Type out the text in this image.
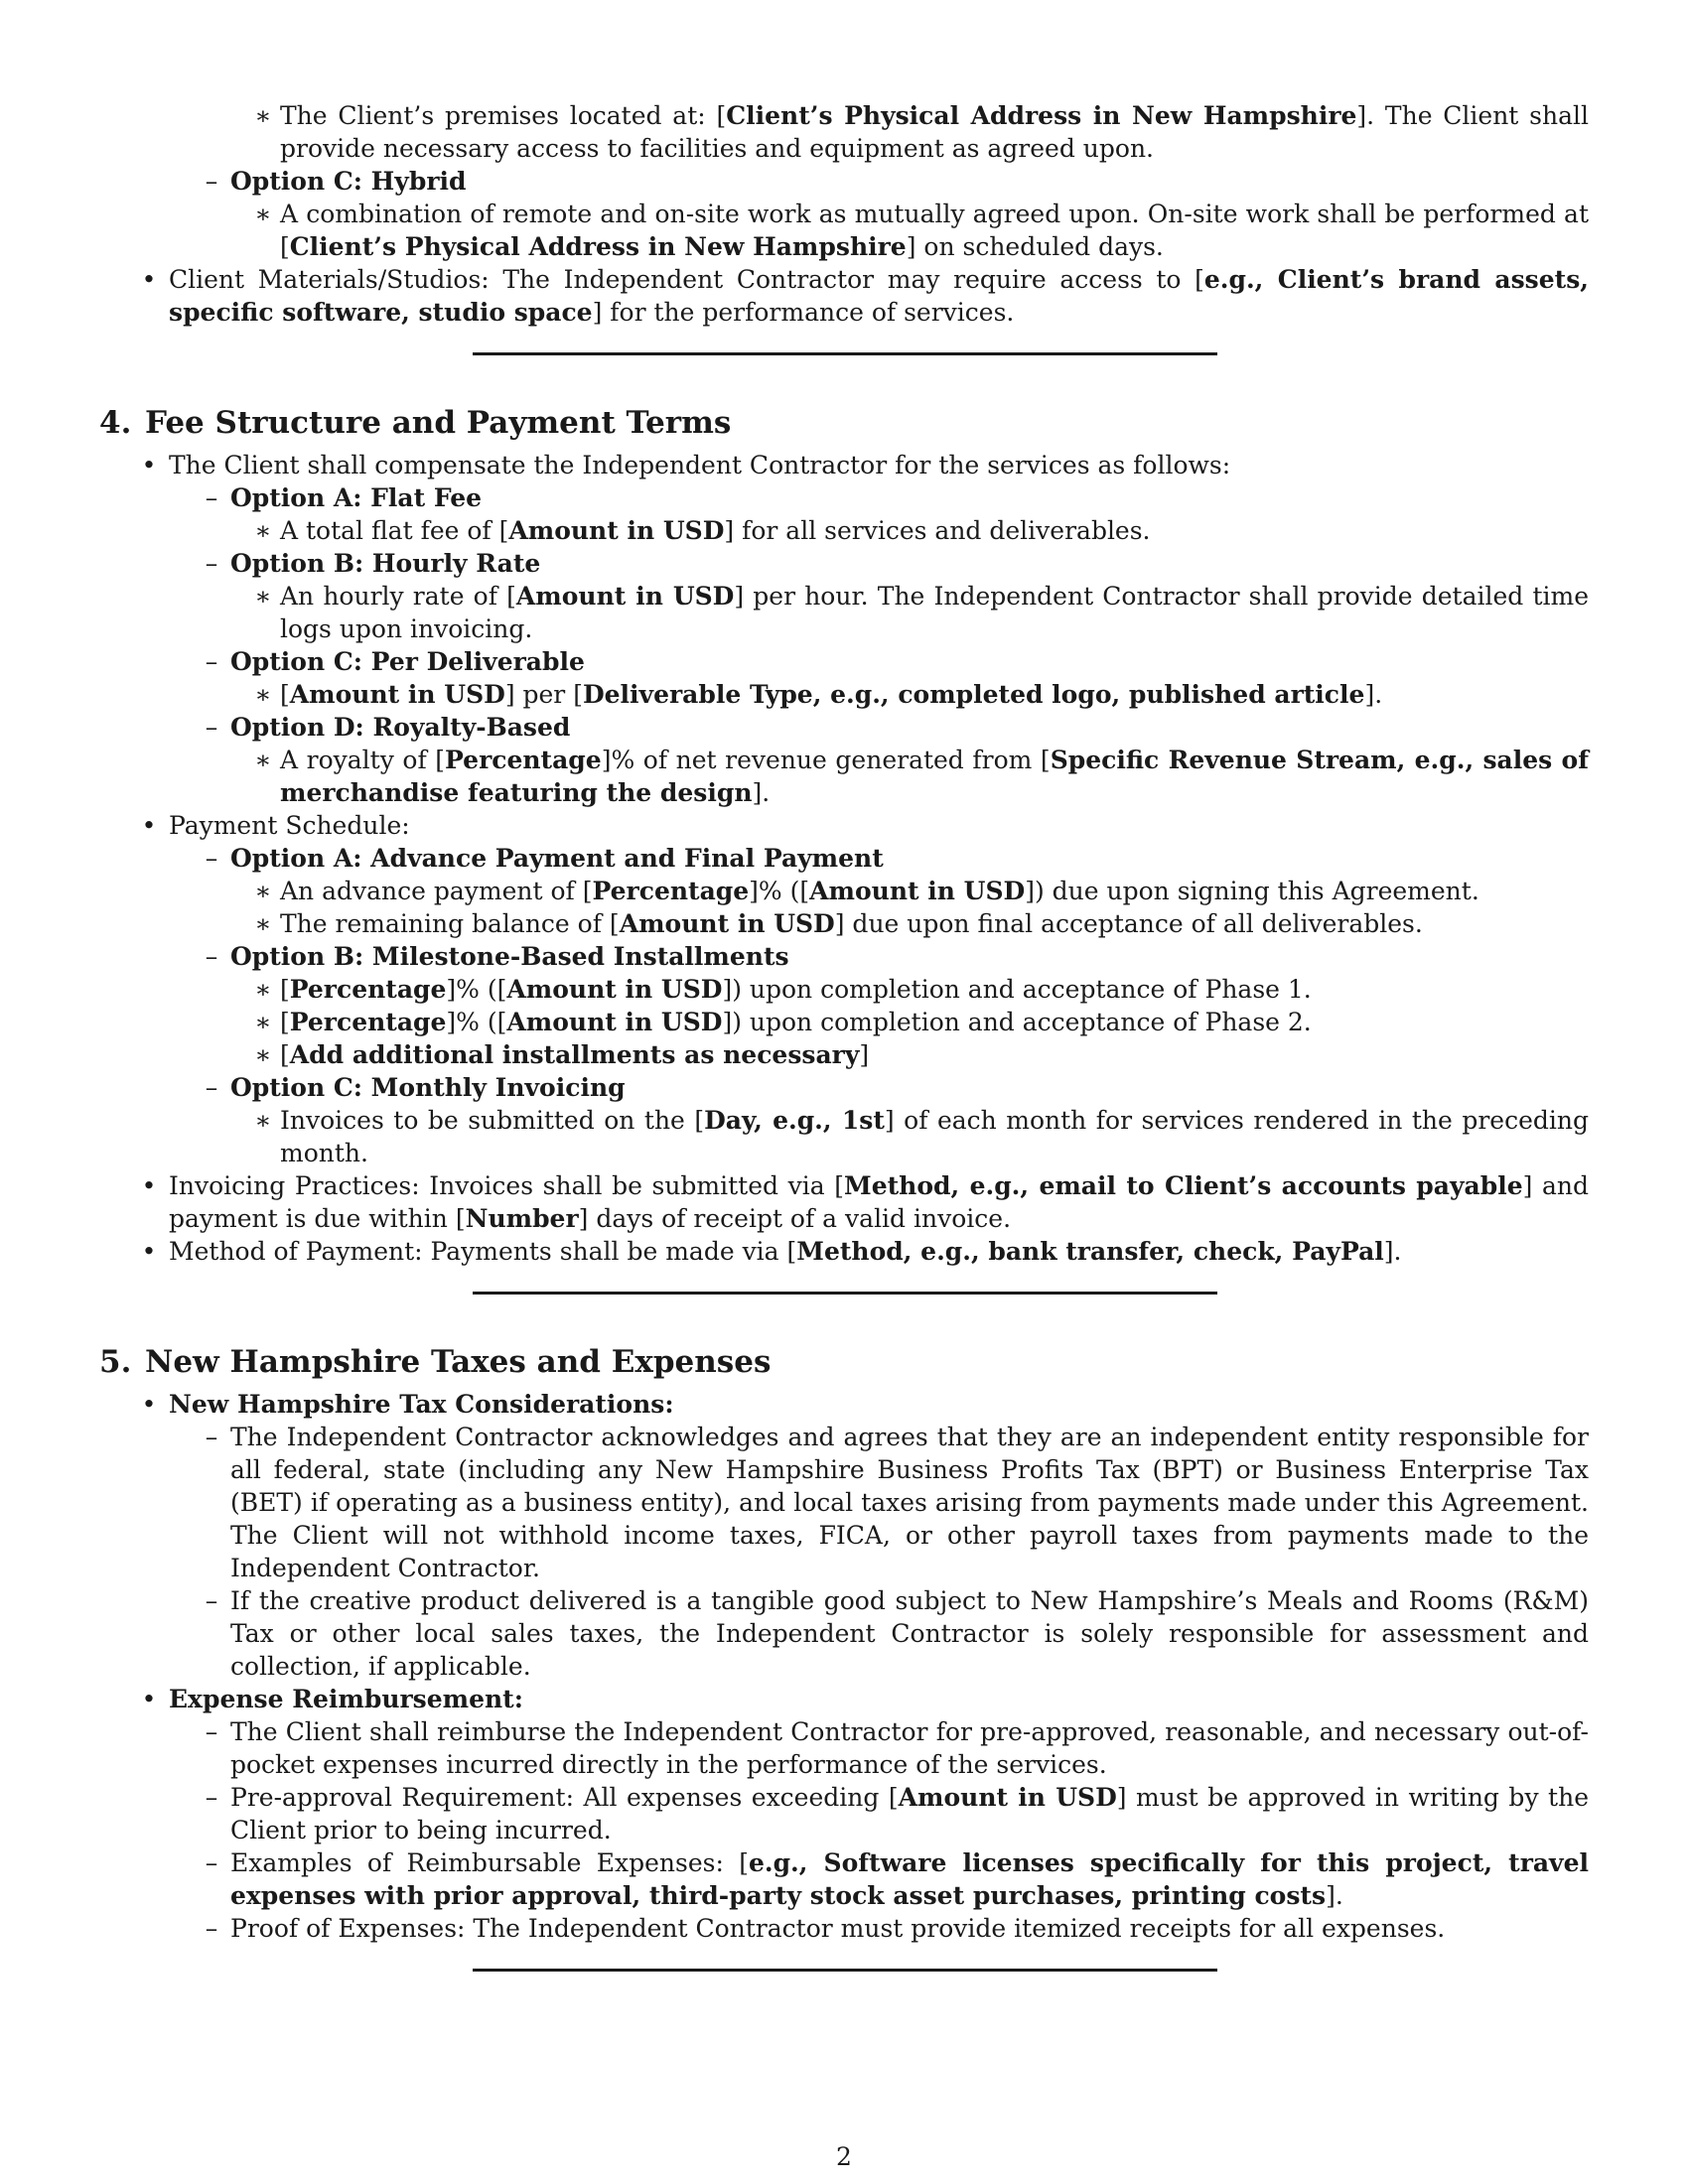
∗ The Client’s premises located at: [Client’s Physical Address in New Hampshire]. The Client shall provide necessary access to facilities and equipment as agreed upon.
– Option C: Hybrid
∗ A combination of remote and on-site work as mutually agreed upon. On-site work shall be performed at [Client’s Physical Address in New Hampshire] on scheduled days.
• Client Materials/Studios: The Independent Contractor may require access to [e.g., Client’s brand assets, specific software, studio space] for the performance of services.
4. Fee Structure and Payment Terms
• The Client shall compensate the Independent Contractor for the services as follows:
– Option A: Flat Fee
∗ A total flat fee of [Amount in USD] for all services and deliverables.
– Option B: Hourly Rate
∗ An hourly rate of [Amount in USD] per hour. The Independent Contractor shall provide detailed time logs upon invoicing.
– Option C: Per Deliverable
∗ [Amount in USD] per [Deliverable Type, e.g., completed logo, published article].
– Option D: Royalty-Based
∗ A royalty of [Percentage]% of net revenue generated from [Specific Revenue Stream, e.g., sales of merchandise featuring the design].
• Payment Schedule:
– Option A: Advance Payment and Final Payment
∗ An advance payment of [Percentage]% ([Amount in USD]) due upon signing this Agreement.
∗ The remaining balance of [Amount in USD] due upon final acceptance of all deliverables.
– Option B: Milestone-Based Installments
∗ [Percentage]% ([Amount in USD]) upon completion and acceptance of Phase 1.
∗ [Percentage]% ([Amount in USD]) upon completion and acceptance of Phase 2.
∗ [Add additional installments as necessary]
– Option C: Monthly Invoicing
∗ Invoices to be submitted on the [Day, e.g., 1st] of each month for services rendered in the preceding month.
• Invoicing Practices: Invoices shall be submitted via [Method, e.g., email to Client’s accounts payable] and payment is due within [Number] days of receipt of a valid invoice.
• Method of Payment: Payments shall be made via [Method, e.g., bank transfer, check, PayPal].
5. New Hampshire Taxes and Expenses
• New Hampshire Tax Considerations:
– The Independent Contractor acknowledges and agrees that they are an independent entity responsible for all federal, state (including any New Hampshire Business Profits Tax (BPT) or Business Enterprise Tax (BET) if operating as a business entity), and local taxes arising from payments made under this Agreement. The Client will not withhold income taxes, FICA, or other payroll taxes from payments made to the Independent Contractor.
– If the creative product delivered is a tangible good subject to New Hampshire’s Meals and Rooms (R&M) Tax or other local sales taxes, the Independent Contractor is solely responsible for assessment and collection, if applicable.
• Expense Reimbursement:
– The Client shall reimburse the Independent Contractor for pre-approved, reasonable, and necessary out-of-pocket expenses incurred directly in the performance of the services.
– Pre-approval Requirement: All expenses exceeding [Amount in USD] must be approved in writing by the Client prior to being incurred.
– Examples of Reimbursable Expenses: [e.g., Software licenses specifically for this project, travel expenses with prior approval, third-party stock asset purchases, printing costs].
– Proof of Expenses: The Independent Contractor must provide itemized receipts for all expenses.
2
